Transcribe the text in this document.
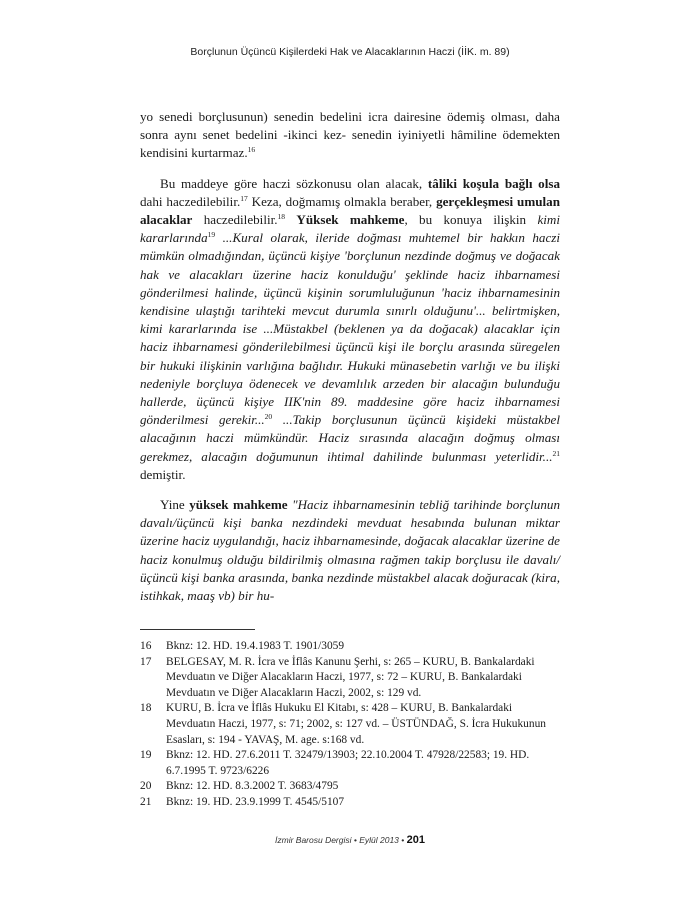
Borçlunun Üçüncü Kişilerdeki Hak ve Alacaklarının Haczi (İİK. m. 89)

yo senedi borçlusunun) senedin bedelini icra dairesine ödemiş olması, daha sonra aynı senet bedelini -ikinci kez- senedin iyiniyetli hâmiline ödemekten kendisini kurtarmaz.$^{16}$

Bu maddeye göre haczi sözkonusu olan alacak, tâliki koşula bağlı olsa dahi haczedilebilir.$^{17}$ Keza, doğmamış olmakla beraber, gerçekleşmesi umulan alacaklar haczedilebilir.$^{18}$ Yüksek mahkeme, bu konuya ilişkin kimi kararlarında$^{19}$ ...Kural olarak, ileride doğması muhtemel bir hakkın haczi mümkün olmadığından, üçüncü kişiye 'borçlunun nezdinde doğmuş ve doğacak hak ve alacakları üzerine haciz konulduğu' şeklinde haciz ihbarnamesi gönderilmesi halinde, üçüncü kişinin sorumluluğunun 'haciz ihbarnamesinin kendisine ulaştığı tarihteki mevcut durumla sınırlı olduğunu'... belirtmişken, kimi kararlarında ise ...Müstakbel (beklenen ya da doğacak) alacaklar için haciz ihbarnamesi gönderilebilmesi üçüncü kişi ile borçlu arasında süregelen bir hukuki ilişkinin varlığına bağlıdır. Hukuki münasebetin varlığı ve bu ilişki nedeniyle borçluya ödenecek ve devamlılık arzeden bir alacağın bulunduğu hallerde, üçüncü kişiye IIK'nin 89. maddesine göre haciz ihbarnamesi gönderilmesi gerekir...$^{20}$ ...Takip borçlusunun üçüncü kişideki müstakbel alacağının haczi mümkündür. Haciz sırasında alacağın doğmuş olması gerekmez, alacağın doğumunun ihtimal dahilinde bulunması yeterlidir...$^{21}$ demiştir.

Yine yüksek mahkeme "Haciz ihbarnamesinin tebliğ tarihinde borçlunun davalı/üçüncü kişi banka nezdindeki mevduat hesabında bulunan miktar üzerine haciz uygulandığı, haciz ihbarnamesinde, doğacak alacaklar üzerine de haciz konulmuş olduğu bildirilmiş olmasına rağmen takip borçlusu ile davalı/üçüncü kişi banka arasında, banka nezdinde müstakbel alacak doğuracak (kira, istihkak, maaş vb) bir hu-

16	Bknz: 12. HD. 19.4.1983 T. 1901/3059
17	BELGESAY, M. R. İcra ve İflâs Kanunu Şerhi, s: 265 – KURU, B. Bankalardaki Mevduatın ve Diğer Alacakların Haczi, 1977, s: 72 – KURU, B. Bankalardaki Mevduatın ve Diğer Alacakların Haczi, 2002, s: 129 vd.
18	KURU, B. İcra ve İflâs Hukuku El Kitabı, s: 428 – KURU, B. Bankalardaki Mevduatın Haczi, 1977, s: 71; 2002, s: 127 vd. – ÜSTÜNDAĞ, S. İcra Hukukunun Esasları, s: 194 - YAVAŞ, M. age. s:168 vd.
19	Bknz: 12. HD. 27.6.2011 T. 32479/13903; 22.10.2004 T. 47928/22583; 19. HD. 6.7.1995 T. 9723/6226
20	Bknz: 12. HD. 8.3.2002 T. 3683/4795
21	Bknz: 19. HD. 23.9.1999 T. 4545/5107
İzmir Barosu Dergisi • Eylül 2013 • 201
